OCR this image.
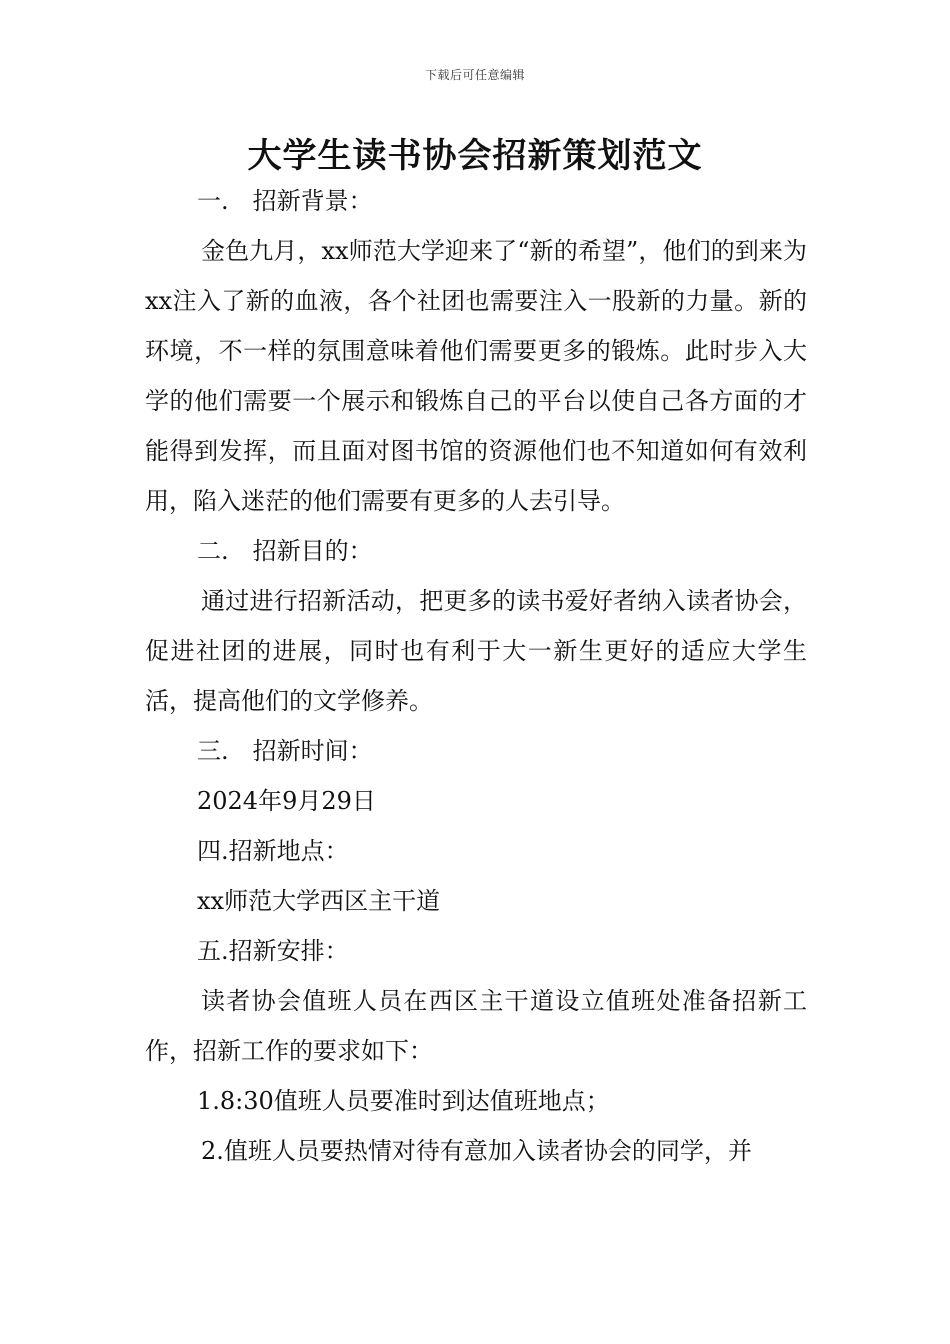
下载后可任意编辑
大学生读书协会招新策划范文

一.　招新背景：

金色九月，xx师范大学迎来了“新的希望”，他们的到来为xx注入了新的血液，各个社团也需要注入一股新的力量。新的环境，不一样的氛围意味着他们需要更多的锻炼。此时步入大学的他们需要一个展示和锻炼自己的平台以使自己各方面的才能得到发挥，而且面对图书馆的资源他们也不知道如何有效利用，陷入迷茫的他们需要有更多的人去引导。

二.　招新目的：

通过进行招新活动，把更多的读书爱好者纳入读者协会，促进社团的进展，同时也有利于大一新生更好的适应大学生活，提高他们的文学修养。

三.　招新时间：

2024年9月29日

四.招新地点：

xx师范大学西区主干道

五.招新安排：

读者协会值班人员在西区主干道设立值班处准备招新工作，招新工作的要求如下：

1.8:30值班人员要准时到达值班地点；

2.值班人员要热情对待有意加入读者协会的同学，并
